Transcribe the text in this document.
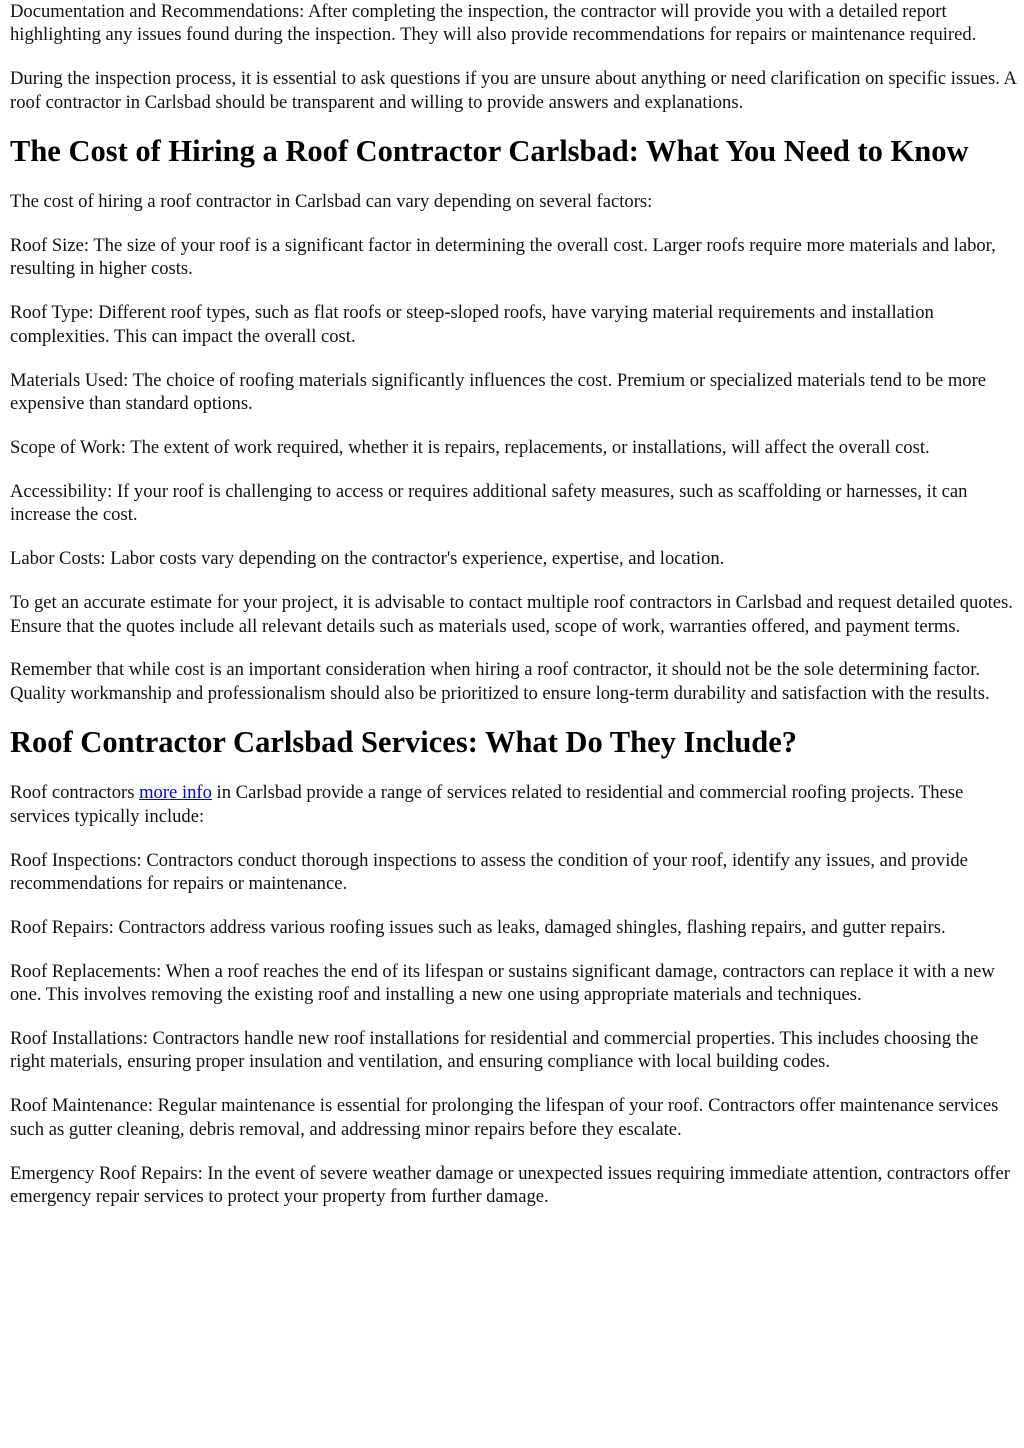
Documentation and Recommendations: After completing the inspection, the contractor will provide you with a detailed report highlighting any issues found during the inspection. They will also provide recommendations for repairs or maintenance required.

During the inspection process, it is essential to ask questions if you are unsure about anything or need clarification on specific issues. A roof contractor in Carlsbad should be transparent and willing to provide answers and explanations.

The Cost of Hiring a Roof Contractor Carlsbad: What You Need to Know

The cost of hiring a roof contractor in Carlsbad can vary depending on several factors:

Roof Size: The size of your roof is a significant factor in determining the overall cost. Larger roofs require more materials and labor, resulting in higher costs.

Roof Type: Different roof types, such as flat roofs or steep-sloped roofs, have varying material requirements and installation complexities. This can impact the overall cost.

Materials Used: The choice of roofing materials significantly influences the cost. Premium or specialized materials tend to be more expensive than standard options.

Scope of Work: The extent of work required, whether it is repairs, replacements, or installations, will affect the overall cost.

Accessibility: If your roof is challenging to access or requires additional safety measures, such as scaffolding or harnesses, it can increase the cost.

Labor Costs: Labor costs vary depending on the contractor's experience, expertise, and location.

To get an accurate estimate for your project, it is advisable to contact multiple roof contractors in Carlsbad and request detailed quotes. Ensure that the quotes include all relevant details such as materials used, scope of work, warranties offered, and payment terms.

Remember that while cost is an important consideration when hiring a roof contractor, it should not be the sole determining factor. Quality workmanship and professionalism should also be prioritized to ensure long-term durability and satisfaction with the results.

Roof Contractor Carlsbad Services: What Do They Include?

Roof contractors more info in Carlsbad provide a range of services related to residential and commercial roofing projects. These services typically include:

Roof Inspections: Contractors conduct thorough inspections to assess the condition of your roof, identify any issues, and provide recommendations for repairs or maintenance.

Roof Repairs: Contractors address various roofing issues such as leaks, damaged shingles, flashing repairs, and gutter repairs.

Roof Replacements: When a roof reaches the end of its lifespan or sustains significant damage, contractors can replace it with a new one. This involves removing the existing roof and installing a new one using appropriate materials and techniques.

Roof Installations: Contractors handle new roof installations for residential and commercial properties. This includes choosing the right materials, ensuring proper insulation and ventilation, and ensuring compliance with local building codes.

Roof Maintenance: Regular maintenance is essential for prolonging the lifespan of your roof. Contractors offer maintenance services such as gutter cleaning, debris removal, and addressing minor repairs before they escalate.

Emergency Roof Repairs: In the event of severe weather damage or unexpected issues requiring immediate attention, contractors offer emergency repair services to protect your property from further damage.
